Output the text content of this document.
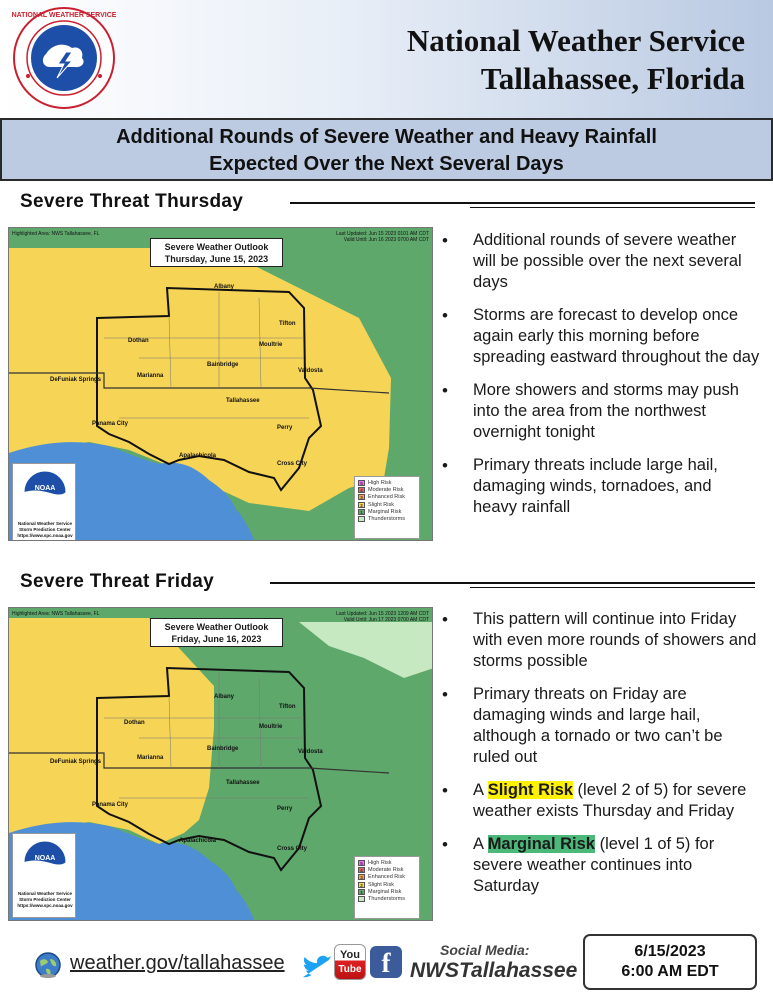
NATIONAL WEATHER SERVICE
National Weather Service
Tallahassee, Florida
Additional Rounds of Severe Weather and Heavy Rainfall
Expected Over the Next Several Days
Severe Threat Thursday
Highlighted Area: NWS Tallahassee, FL	Last Updated: Jun 15 2023 0101 AM CDT
Valid Until: Jun 16 2023 0700 AM CDT
Severe Weather Outlook
Thursday, June 15, 2023
Albany
Tifton
Dothan
Moultrie
Bainbridge
Valdosta
Marianna
DeFuniak Springs
Tallahassee
Panama City
Perry
Apalachicola
Cross City
NOAA
National Weather Service
Storm Prediction Center
https://www.spc.noaa.gov
5 High Risk
4 Moderate Risk
3 Enhanced Risk
2 Slight Risk
1 Marginal Risk
Thunderstorms
• Additional rounds of severe weather will be possible over the next several days
• Storms are forecast to develop once again early this morning before spreading eastward throughout the day
• More showers and storms may push into the area from the northwest overnight tonight
• Primary threats include large hail, damaging winds, tornadoes, and heavy rainfall
Severe Threat Friday
Highlighted Area: NWS Tallahassee, FL	Last Updated: Jun 15 2023 1209 AM CDT
Valid Until: Jun 17 2023 0700 AM CDT
Severe Weather Outlook
Friday, June 16, 2023
Albany
Tifton
Dothan
Moultrie
Bainbridge	Valdosta
Marianna
DeFuniak Springs
Tallahassee
Panama City
Perry
Apalachicola
Cross City
NOAA
National Weather Service
Storm Prediction Center
https://www.spc.noaa.gov
5 High Risk
4 Moderate Risk
3 Enhanced Risk
2 Slight Risk
1 Marginal Risk
Thunderstorms
• This pattern will continue into Friday with even more rounds of showers and storms possible
• Primary threats on Friday are damaging winds and large hail, although a tornado or two can’t be ruled out
• A Slight Risk (level 2 of 5) for severe weather exists Thursday and Friday
• A Marginal Risk (level 1 of 5) for severe weather continues into Saturday
weather.gov/tallahassee	You
Tube f	Social Media:
NWSTallahassee
6/15/2023
6:00 AM EDT
